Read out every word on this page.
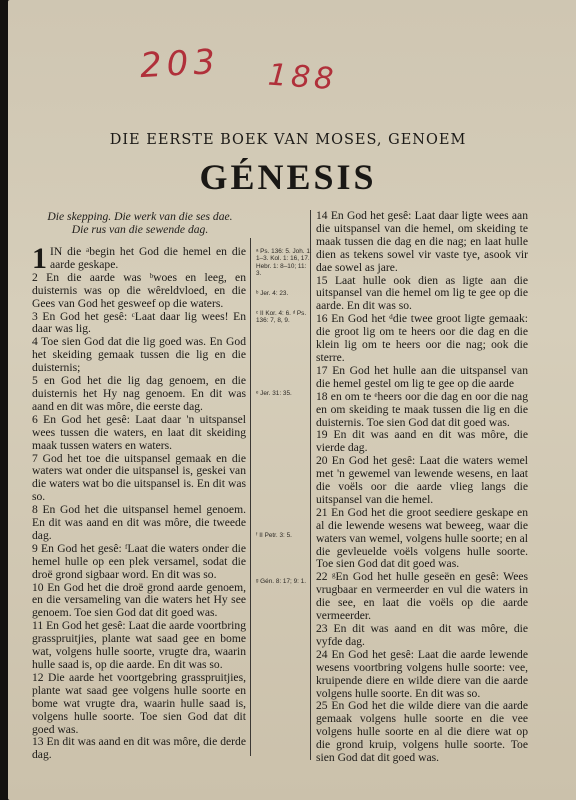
203 188
DIE EERSTE BOEK VAN MOSES, GENOEM
GÉNESIS
Die skepping. Die werk van die ses dae.
Die rus van die sewende dag.

1 IN die ᵃbegin het God die hemel en die aarde geskape.

2 En die aarde was ᵇwoes en leeg, en duisternis was op die wêreldvloed, en die Gees van God het gesweef op die waters.

3 En God het gesê: ᶜLaat daar lig wees! En daar was lig.

4 Toe sien God dat die lig goed was. En God het skeiding gemaak tussen die lig en die duisternis;

5 en God het die lig dag genoem, en die duisternis het Hy nag genoem. En dit was aand en dit was môre, die eerste dag.

6 En God het gesê: Laat daar 'n uitspansel wees tussen die waters, en laat dit skeiding maak tussen waters en waters.

7 God het toe die uitspansel gemaak en die waters wat onder die uitspansel is, geskei van die waters wat bo die uitspansel is. En dit was so.

8 En God het die uitspansel hemel genoem. En dit was aand en dit was môre, die tweede dag.

9 En God het gesê: ᶠLaat die waters onder die hemel hulle op een plek versamel, sodat die droë grond sigbaar word. En dit was so.

10 En God het die droë grond aarde genoem, en die versameling van die waters het Hy see genoem. Toe sien God dat dit goed was.

11 En God het gesê: Laat die aarde voortbring grasspruitjies, plante wat saad gee en bome wat, volgens hulle soorte, vrugte dra, waarin hulle saad is, op die aarde. En dit was so.

12 Die aarde het voortgebring grasspruitjies, plante wat saad gee volgens hulle soorte en bome wat vrugte dra, waarin hulle saad is, volgens hulle soorte. Toe sien God dat dit goed was.

13 En dit was aand en dit was môre, die derde dag.

ᵃ Ps. 136: 5. Joh. 1: 1–3. Kol. 1: 16, 17. Hebr. 1: 8–10; 11: 3.
ᵇ Jer. 4: 23.
ᶜ II Kor. 4: 6. ᵈ Ps. 136: 7, 8, 9.
ᵉ Jer. 31: 35.
ᶠ II Petr. 3: 5.
ᵍ Gén. 8: 17; 9: 1.

14 En God het gesê: Laat daar ligte wees aan die uitspansel van die hemel, om skeiding te maak tussen die dag en die nag; en laat hulle dien as tekens sowel vir vaste tye, asook vir dae sowel as jare.

15 Laat hulle ook dien as ligte aan die uitspansel van die hemel om lig te gee op die aarde. En dit was so.

16 En God het ᵈdie twee groot ligte gemaak: die groot lig om te heers oor die dag en die klein lig om te heers oor die nag; ook die sterre.

17 En God het hulle aan die uitspansel van die hemel gestel om lig te gee op die aarde

18 en om te ᵉheers oor die dag en oor die nag en om skeiding te maak tussen die lig en die duisternis. Toe sien God dat dit goed was.

19 En dit was aand en dit was môre, die vierde dag.

20 En God het gesê: Laat die waters wemel met 'n gewemel van lewende wesens, en laat die voëls oor die aarde vlieg langs die uitspansel van die hemel.

21 En God het die groot seediere geskape en al die lewende wesens wat beweeg, waar die waters van wemel, volgens hulle soorte; en al die gevleuelde voëls volgens hulle soorte. Toe sien God dat dit goed was.

22 ᵍEn God het hulle geseën en gesê: Wees vrugbaar en vermeerder en vul die waters in die see, en laat die voëls op die aarde vermeerder.

23 En dit was aand en dit was môre, die vyfde dag.

24 En God het gesê: Laat die aarde lewende wesens voortbring volgens hulle soorte: vee, kruipende diere en wilde diere van die aarde volgens hulle soorte. En dit was so.

25 En God het die wilde diere van die aarde gemaak volgens hulle soorte en die vee volgens hulle soorte en al die diere wat op die grond kruip, volgens hulle soorte. Toe sien God dat dit goed was.
